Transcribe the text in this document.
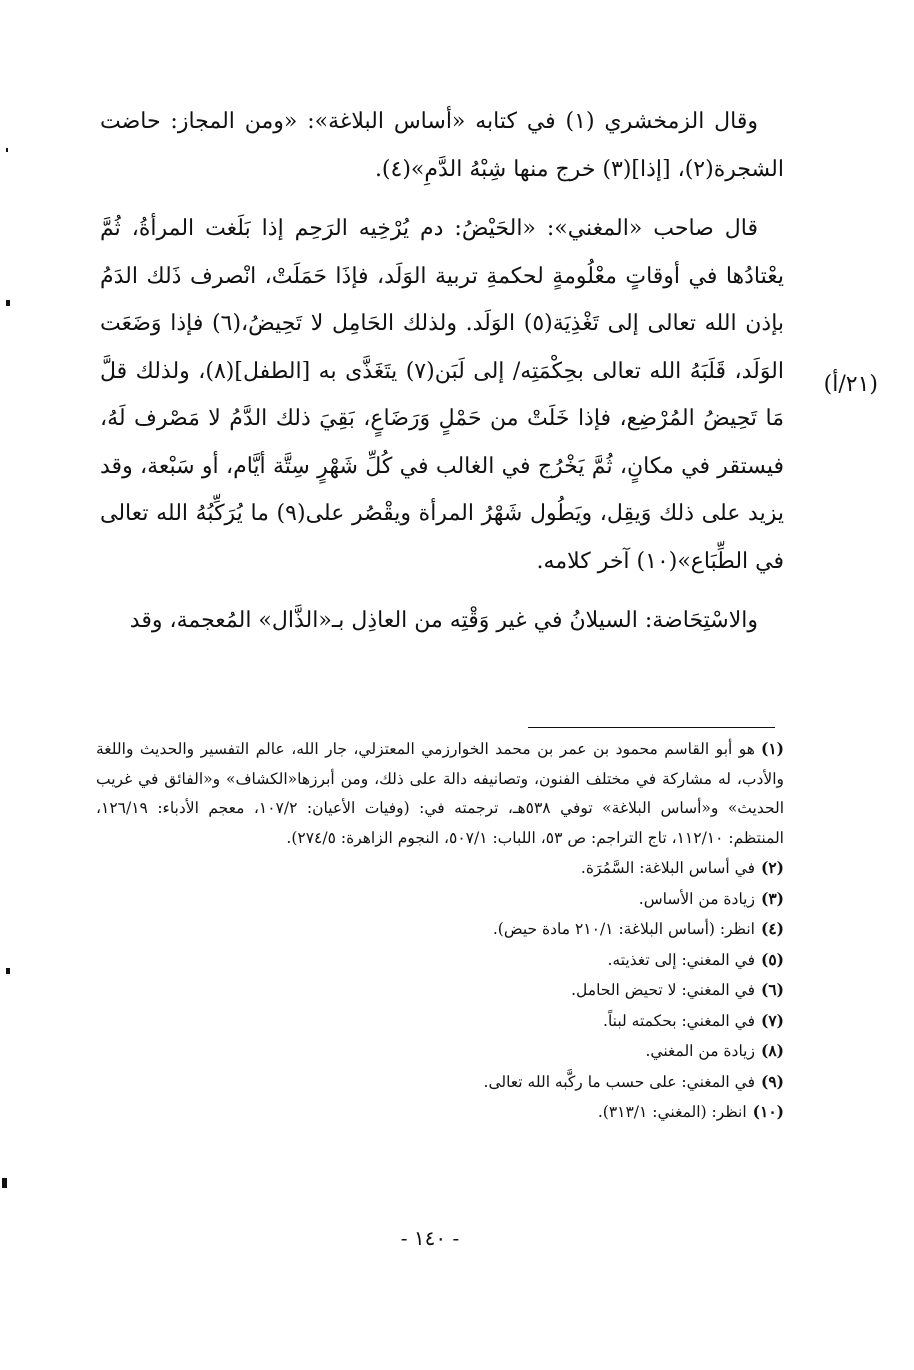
وقال الزمخشري (١) في كتابه «أساس البلاغة»: «ومن المجاز: حاضت الشجرة(٢)، [إذا](٣) خرج منها شِبْهُ الدَّمِ»(٤).

قال صاحب «المغني»: «الحَيْضُ: دم يُرْخِيه الرَحِم إذا بَلَغت المرأةُ، ثُمَّ يعْتادُها في أوقاتٍ معْلُومةٍ لحكمةِ تربية الوَلَد، فإذَا حَمَلَتْ، انْصرف ذَلك الدَمُ بإذن الله تعالى إلى تَغْذِيَة(٥) الوَلَد. ولذلك الحَامِل لا تَحِيضُ،(٦) فإذا وَضَعَت الوَلَد، قَلَبَهُ الله تعالى بحِكْمَتِه/ إلى لَبَن(٧) يتَغَذَّى به [الطفل](٨)، ولذلك قلَّ مَا تَحِيضُ المُرْضِع، فإذا خَلَتْ من حَمْلٍ وَرَضَاعٍ، بَقِيَ ذلك الدَّمُ لا مَصْرف لَهُ، فيستقر في مكانٍ، ثُمَّ يَخْرُج في الغالب في كُلِّ شَهْرٍ سِتَّة أيَّام، أو سَبْعة، وقد يزيد على ذلك وَيقِل، ويَطُول شَهْرُ المرأة ويقْصُر على(٩) ما يُرَكِّبُهُ الله تعالى في الطِّبَاع»(١٠) آخر كلامه.

والاسْتِحَاضة: السيلانُ في غير وَقْتِه من العاذِل بـ«الذَّال» المُعجمة، وقد

(٢١/أ)

(١)هو أبو القاسم محمود بن عمر بن محمد الخوارزمي المعتزلي، جار الله، عالم التفسير والحديث واللغة والأدب، له مشاركة في مختلف الفنون، وتصانيفه دالة على ذلك، ومن أبرزها«الكشاف» و«الفائق في غريب الحديث» و«أساس البلاغة» توفي ٥٣٨هـ، ترجمته في: (وفيات الأعيان: ١٠٧/٢، معجم الأدباء: ١٢٦/١٩، المنتظم: ١١٢/١٠، تاج التراجم: ص ٥٣، اللباب: ٥٠٧/١، النجوم الزاهرة: ٢٧٤/٥).

(٢)في أساس البلاغة: السَّمُرَة.

(٣)زيادة من الأساس.

(٤)انظر: (أساس البلاغة: ٢١٠/١ مادة حيض).

(٥)في المغني: إلى تغذيته.

(٦)في المغني: لا تحيض الحامل.

(٧)في المغني: بحكمته لبناً.

(٨)زيادة من المغني.

(٩)في المغني: على حسب ما ركَّبه الله تعالى.

(١٠)انظر: (المغني: ٣١٣/١).

- ١٤٠ -
